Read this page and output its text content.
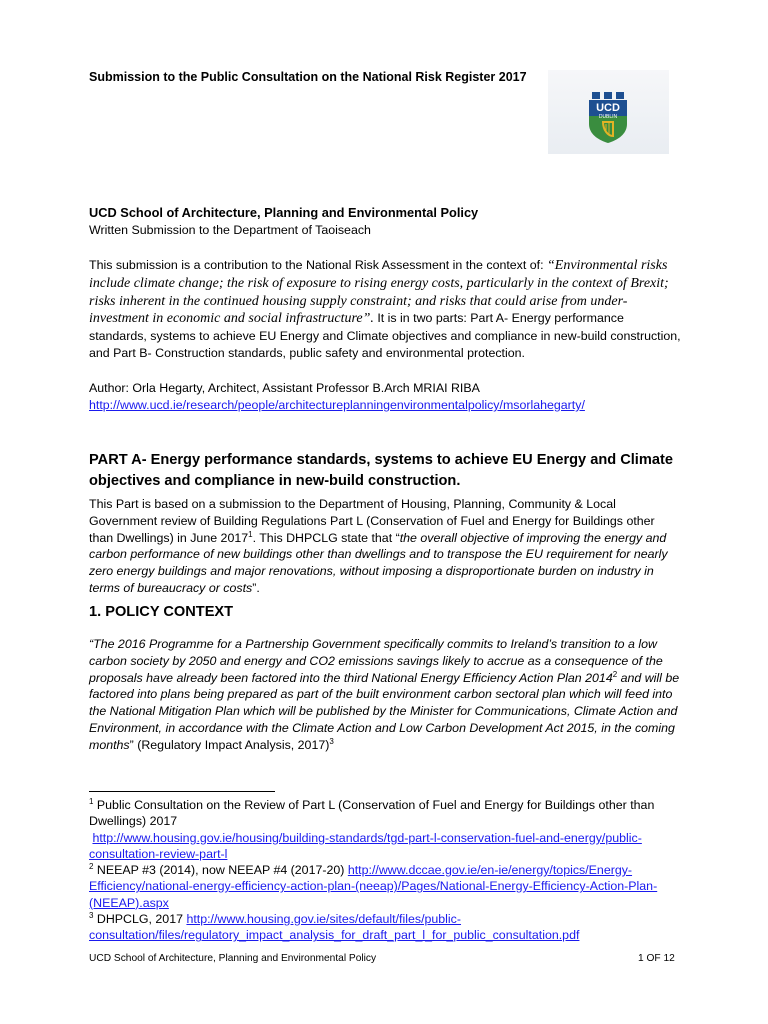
Submission to the Public Consultation on the National Risk Register 2017
UCD
DUBLIN
UCD School of Architecture, Planning and Environmental Policy
Written Submission to the Department of Taoiseach
This submission is a contribution to the National Risk Assessment in the context of: “Environmental risks include climate change; the risk of exposure to rising energy costs, particularly in the context of Brexit; risks inherent in the continued housing supply constraint; and risks that could arise from under-investment in economic and social infrastructure”. It is in two parts: Part A- Energy performance standards, systems to achieve EU Energy and Climate objectives and compliance in new-build construction, and Part B- Construction standards, public safety and environmental protection.
Author: Orla Hegarty, Architect, Assistant Professor B.Arch MRIAI RIBA
http://www.ucd.ie/research/people/architectureplanningenvironmentalpolicy/msorlahegarty/
PART A- Energy performance standards, systems to achieve EU Energy and Climate objectives and compliance in new-build construction.
This Part is based on a submission to the Department of Housing, Planning, Community & Local Government review of Building Regulations Part L (Conservation of Fuel and Energy for Buildings other than Dwellings) in June 2017$^1$. This DHPCLG state that “the overall objective of improving the energy and carbon performance of new buildings other than dwellings and to transpose the EU requirement for nearly zero energy buildings and major renovations, without imposing a disproportionate burden on industry in terms of bureaucracy or costs”.
1. POLICY CONTEXT
“The 2016 Programme for a Partnership Government specifically commits to Ireland’s transition to a low carbon society by 2050 and energy and CO2 emissions savings likely to accrue as a consequence of the proposals have already been factored into the third National Energy Efficiency Action Plan 2014$^2$ and will be factored into plans being prepared as part of the built environment carbon sectoral plan which will feed into the National Mitigation Plan which will be published by the Minister for Communications, Climate Action and Environment, in accordance with the Climate Action and Low Carbon Development Act 2015, in the coming months” (Regulatory Impact Analysis, 2017)$^3$
$^1$ Public Consultation on the Review of Part L (Conservation of Fuel and Energy for Buildings other than Dwellings) 2017
http://www.housing.gov.ie/housing/building-standards/tgd-part-l-conservation-fuel-and-energy/public-consultation-review-part-l
$^2$ NEEAP #3 (2014), now NEEAP #4 (2017-20) http://www.dccae.gov.ie/en-ie/energy/topics/Energy-Efficiency/national-energy-efficiency-action-plan-(neeap)/Pages/National-Energy-Efficiency-Action-Plan-(NEEAP).aspx
$^3$ DHPCLG, 2017 http://www.housing.gov.ie/sites/default/files/public-consultation/files/regulatory_impact_analysis_for_draft_part_l_for_public_consultation.pdf
UCD School of Architecture, Planning and Environmental Policy	1 OF 12
